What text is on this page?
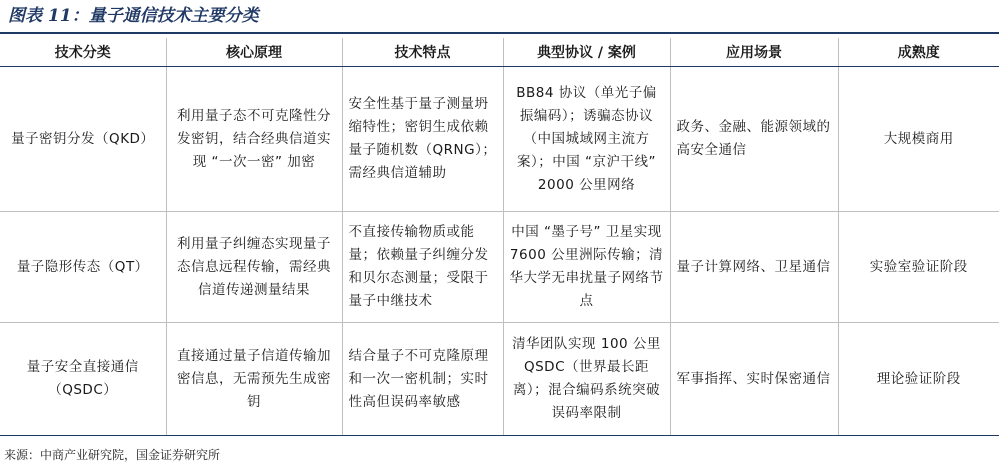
图表 11：量子通信技术主要分类
技术分类	核心原理	技术特点	典型协议 / 案例	应用场景	成熟度
量子密钥分发（QKD）	利用量子态不可克隆性分发密钥，结合经典信道实现 “一次一密” 加密	安全性基于量子测量坍缩特性；密钥生成依赖量子随机数（QRNG）；需经典信道辅助	BB84 协议（单光子偏振编码）；诱骗态协议（中国城域网主流方案）；中国 “京沪干线” 2000 公里网络	政务、金融、能源领域的高安全通信	大规模商用
量子隐形传态（QT）	利用量子纠缠态实现量子态信息远程传输，需经典信道传递测量结果	不直接传输物质或能量；依赖量子纠缠分发和贝尔态测量；受限于量子中继技术	中国 “墨子号” 卫星实现 7600 公里洲际传输；清华大学无串扰量子网络节点	量子计算网络、卫星通信	实验室验证阶段
量子安全直接通信（QSDC）	直接通过量子信道传输加密信息，无需预先生成密钥	结合量子不可克隆原理和一次一密机制；实时性高但误码率敏感	清华团队实现 100 公里 QSDC（世界最长距离）；混合编码系统突破误码率限制	军事指挥、实时保密通信	理论验证阶段
来源：中商产业研究院，国金证券研究所
